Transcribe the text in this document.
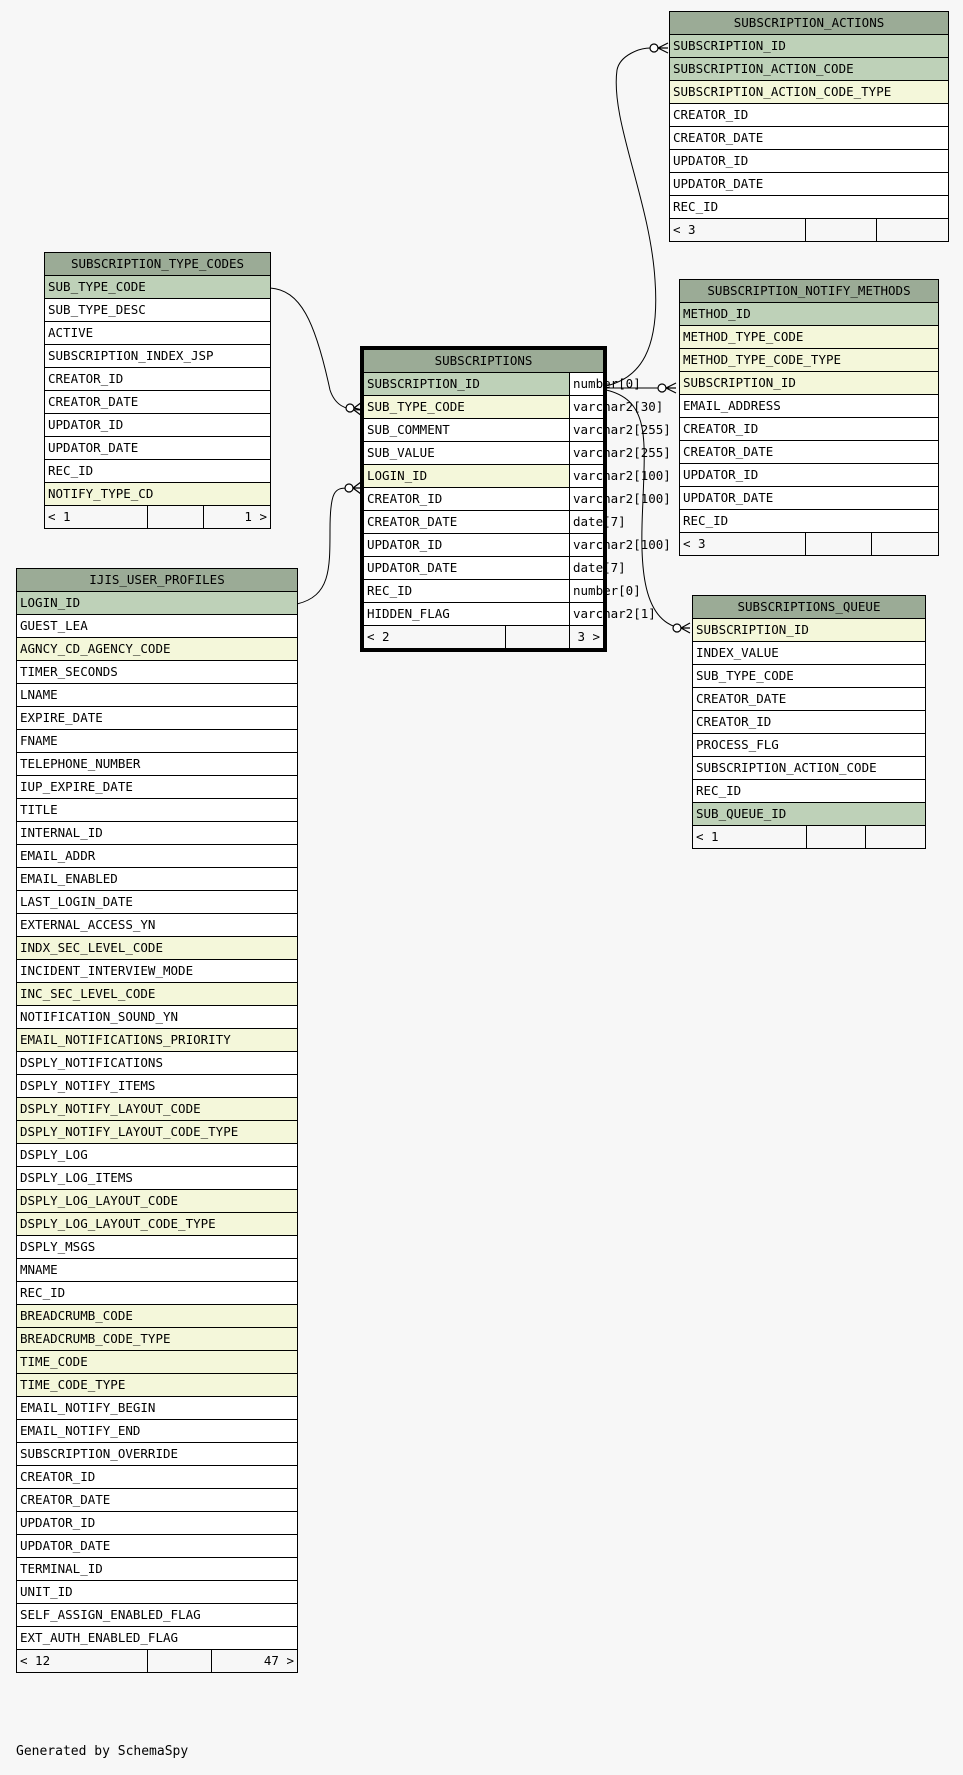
SUBSCRIPTION_ACTIONS
SUBSCRIPTION_ID
SUBSCRIPTION_ACTION_CODE
SUBSCRIPTION_ACTION_CODE_TYPE
CREATOR_ID
CREATOR_DATE
UPDATOR_ID
UPDATOR_DATE
REC_ID
< 3		
SUBSCRIPTION_TYPE_CODES
SUB_TYPE_CODE
SUB_TYPE_DESC
ACTIVE
SUBSCRIPTION_INDEX_JSP
CREATOR_ID
CREATOR_DATE
UPDATOR_ID
UPDATOR_DATE
REC_ID
NOTIFY_TYPE_CD
< 1		1 >
SUBSCRIPTION_NOTIFY_METHODS
METHOD_ID
METHOD_TYPE_CODE
METHOD_TYPE_CODE_TYPE
SUBSCRIPTION_ID
EMAIL_ADDRESS
CREATOR_ID
CREATOR_DATE
UPDATOR_ID
UPDATOR_DATE
REC_ID
< 3		
SUBSCRIPTIONS		
SUBSCRIPTION_ID		number[0]
SUB_TYPE_CODE		varchar2[30]
SUB_COMMENT		varchar2[255]
SUB_VALUE		varchar2[255]
LOGIN_ID		varchar2[100]
CREATOR_ID		varchar2[100]
CREATOR_DATE		date[7]
UPDATOR_ID		varchar2[100]
UPDATOR_DATE		date[7]
REC_ID		number[0]
HIDDEN_FLAG		varchar2[1]
< 2		3 >
SUBSCRIPTIONS_QUEUE
SUBSCRIPTION_ID
INDEX_VALUE
SUB_TYPE_CODE
CREATOR_DATE
CREATOR_ID
PROCESS_FLG
SUBSCRIPTION_ACTION_CODE
REC_ID
SUB_QUEUE_ID
< 1		
IJIS_USER_PROFILES
LOGIN_ID
GUEST_LEA
AGNCY_CD_AGENCY_CODE
TIMER_SECONDS
LNAME
EXPIRE_DATE
FNAME
TELEPHONE_NUMBER
IUP_EXPIRE_DATE
TITLE
INTERNAL_ID
EMAIL_ADDR
EMAIL_ENABLED
LAST_LOGIN_DATE
EXTERNAL_ACCESS_YN
INDX_SEC_LEVEL_CODE
INCIDENT_INTERVIEW_MODE
INC_SEC_LEVEL_CODE
NOTIFICATION_SOUND_YN
EMAIL_NOTIFICATIONS_PRIORITY
DSPLY_NOTIFICATIONS
DSPLY_NOTIFY_ITEMS
DSPLY_NOTIFY_LAYOUT_CODE
DSPLY_NOTIFY_LAYOUT_CODE_TYPE
DSPLY_LOG
DSPLY_LOG_ITEMS
DSPLY_LOG_LAYOUT_CODE
DSPLY_LOG_LAYOUT_CODE_TYPE
DSPLY_MSGS
MNAME
REC_ID
BREADCRUMB_CODE
BREADCRUMB_CODE_TYPE
TIME_CODE
TIME_CODE_TYPE
EMAIL_NOTIFY_BEGIN
EMAIL_NOTIFY_END
SUBSCRIPTION_OVERRIDE
CREATOR_ID
CREATOR_DATE
UPDATOR_ID
UPDATOR_DATE
TERMINAL_ID
UNIT_ID
SELF_ASSIGN_ENABLED_FLAG
EXT_AUTH_ENABLED_FLAG
< 12		47 >
Generated by SchemaSpy
